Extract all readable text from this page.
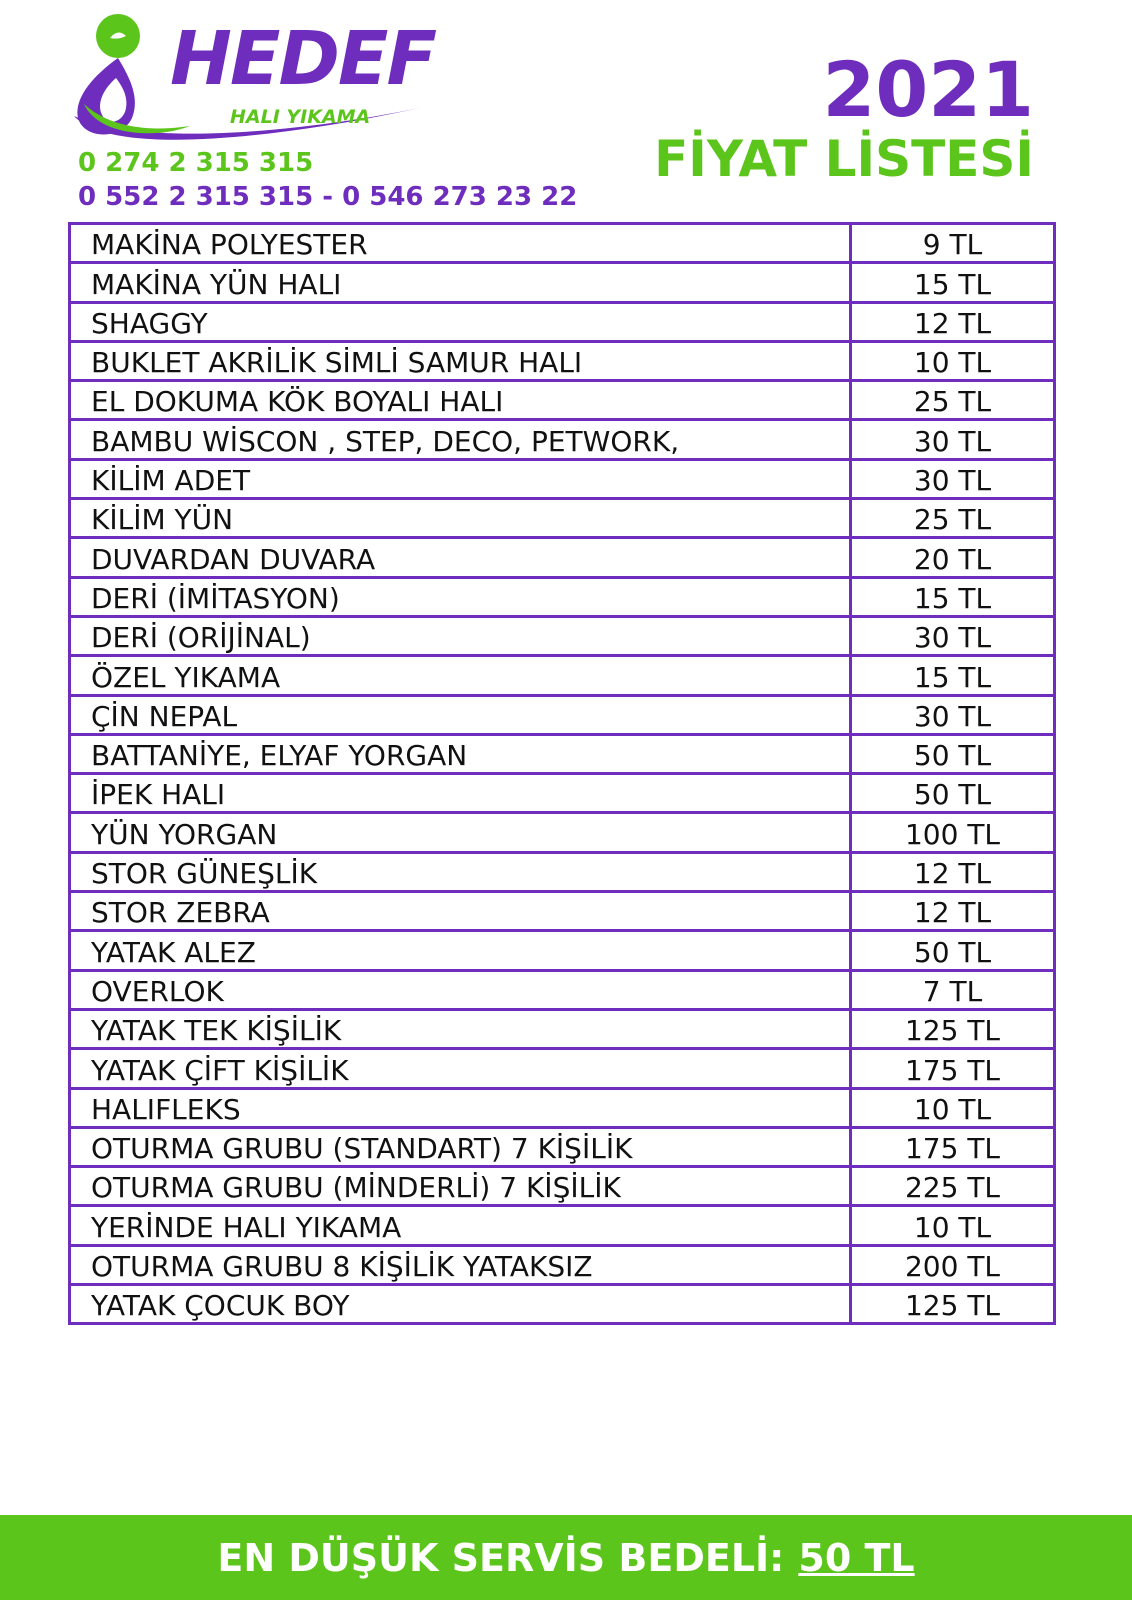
HEDEF
HALI YIKAMA
0 274 2 315 315
0 552 2 315 315 - 0 546 273 23 22
2021
FİYAT LİSTESİ
MAKİNA POLYESTER	9 TL
MAKİNA YÜN HALI	15 TL
SHAGGY	12 TL
BUKLET AKRİLİK SİMLİ SAMUR HALI	10 TL
EL DOKUMA KÖK BOYALI HALI	25 TL
BAMBU WİSCON , STEP, DECO, PETWORK,	30 TL
KİLİM ADET	30 TL
KİLİM YÜN	25 TL
DUVARDAN DUVARA	20 TL
DERİ (İMİTASYON)	15 TL
DERİ (ORİJİNAL)	30 TL
ÖZEL YIKAMA	15 TL
ÇİN NEPAL	30 TL
BATTANİYE, ELYAF YORGAN	50 TL
İPEK HALI	50 TL
YÜN YORGAN	100 TL
STOR GÜNEŞLİK	12 TL
STOR ZEBRA	12 TL
YATAK ALEZ	50 TL
OVERLOK	7 TL
YATAK TEK KİŞİLİK	125 TL
YATAK ÇİFT KİŞİLİK	175 TL
HALIFLEKS	10 TL
OTURMA GRUBU (STANDART) 7 KİŞİLİK	175 TL
OTURMA GRUBU (MİNDERLİ) 7 KİŞİLİK	225 TL
YERİNDE HALI YIKAMA	10 TL
OTURMA GRUBU 8 KİŞİLİK YATAKSIZ	200 TL
YATAK ÇOCUK BOY	125 TL
EN DÜŞÜK SERVİS BEDELİ: 50 TL
